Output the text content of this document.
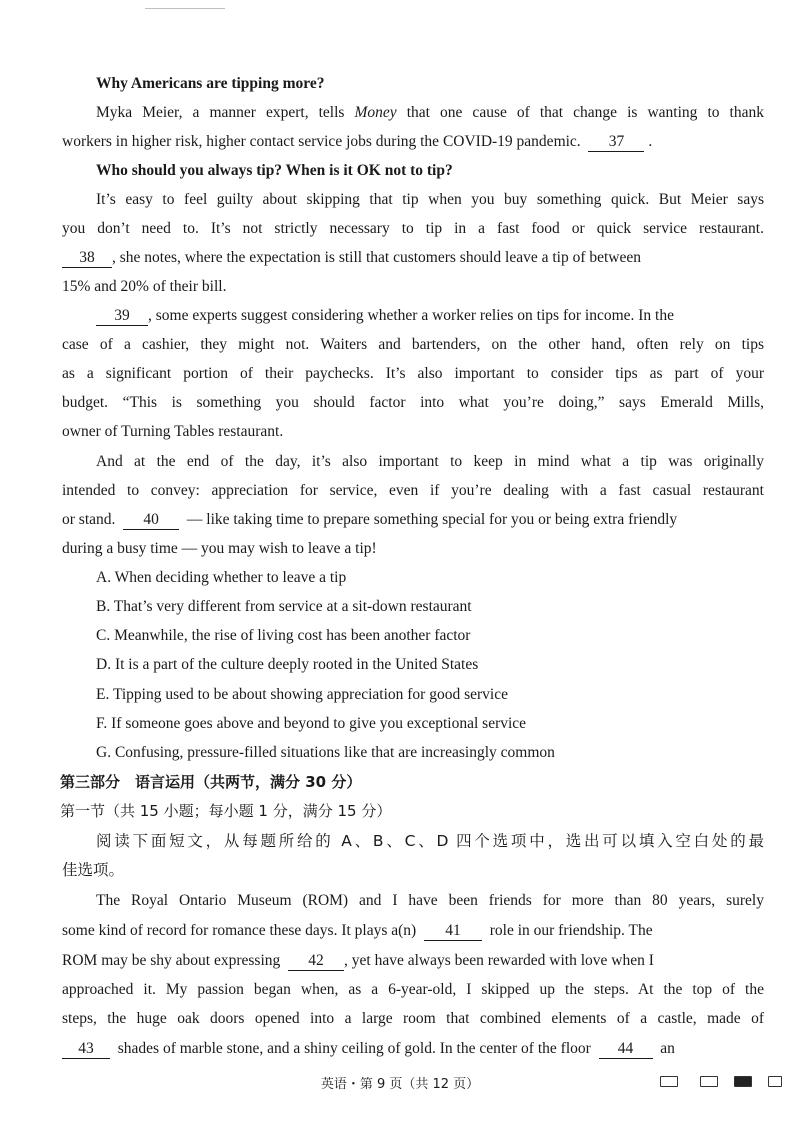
Why Americans are tipping more?
Myka Meier, a manner expert, tells Money that one cause of that change is wanting to thank
workers in higher risk, higher contact service jobs during the COVID-19 pandemic. 37 .
Who should you always tip? When is it OK not to tip?
It’s easy to feel guilty about skipping that tip when you buy something quick. But Meier says
you don’t need to. It’s not strictly necessary to tip in a fast food or quick service restaurant.
38 , she notes, where the expectation is still that customers should leave a tip of between
15% and 20% of their bill.
39 , some experts suggest considering whether a worker relies on tips for income. In the
case of a cashier, they might not. Waiters and bartenders, on the other hand, often rely on tips
as a significant portion of their paychecks. It’s also important to consider tips as part of your
budget. “This is something you should factor into what you’re doing,” says Emerald Mills,
owner of Turning Tables restaurant.
And at the end of the day, it’s also important to keep in mind what a tip was originally
intended to convey: appreciation for service, even if you’re dealing with a fast casual restaurant
or stand. 40 — like taking time to prepare something special for you or being extra friendly
during a busy time — you may wish to leave a tip!
A. When deciding whether to leave a tip
B. That’s very different from service at a sit-down restaurant
C. Meanwhile, the rise of living cost has been another factor
D. It is a part of the culture deeply rooted in the United States
E. Tipping used to be about showing appreciation for good service
F. If someone goes above and beyond to give you exceptional service
G. Confusing, pressure-filled situations like that are increasingly common
第三部分　语言运用（共两节，满分 30 分）
第一节（共 15 小题；每小题 1 分，满分 15 分）
阅读下面短文，从每题所给的 A、B、C、D 四个选项中，选出可以填入空白处的最
佳选项。
The Royal Ontario Museum (ROM) and I have been friends for more than 80 years, surely
some kind of record for romance these days. It plays a(n) 41 role in our friendship. The
ROM may be shy about expressing 42 , yet have always been rewarded with love when I
approached it. My passion began when, as a 6-year-old, I skipped up the steps. At the top of the
steps, the huge oak doors opened into a large room that combined elements of a castle, made of
43 shades of marble stone, and a shiny ceiling of gold. In the center of the floor 44 an
英语・第 9 页（共 12 页）
